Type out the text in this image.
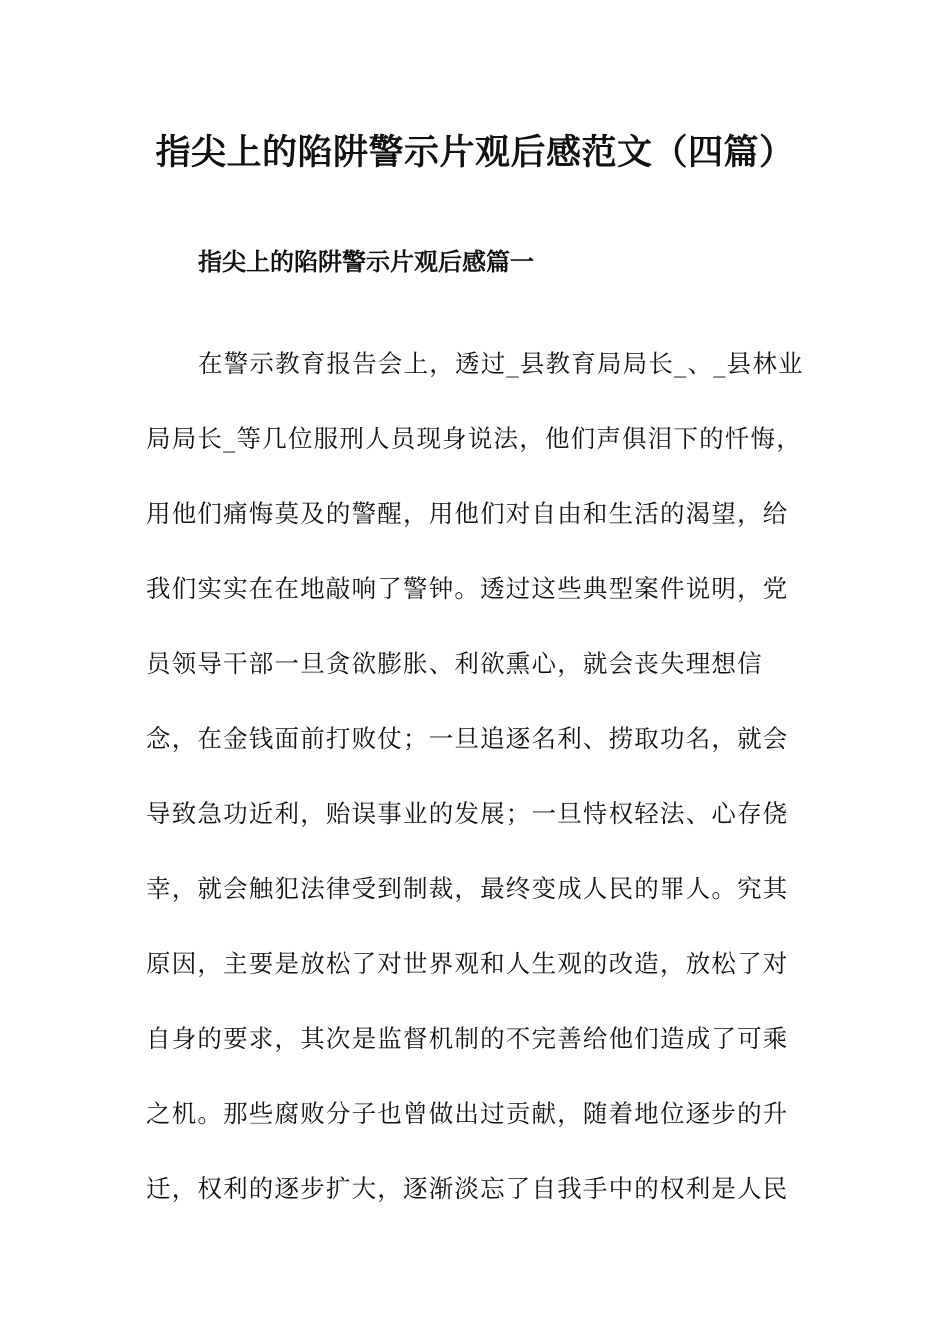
指尖上的陷阱警示片观后感范文（四篇）
指尖上的陷阱警示片观后感篇一
在警示教育报告会上，透过_县教育局局长_、_县林业
局局长_等几位服刑人员现身说法，他们声俱泪下的忏悔，
用他们痛悔莫及的警醒，用他们对自由和生活的渴望，给
我们实实在在地敲响了警钟。透过这些典型案件说明，党
员领导干部一旦贪欲膨胀、利欲熏心，就会丧失理想信
念，在金钱面前打败仗；一旦追逐名利、捞取功名，就会
导致急功近利，贻误事业的发展；一旦恃权轻法、心存侥
幸，就会触犯法律受到制裁，最终变成人民的罪人。究其
原因，主要是放松了对世界观和人生观的改造，放松了对
自身的要求，其次是监督机制的不完善给他们造成了可乘
之机。那些腐败分子也曾做出过贡献，随着地位逐步的升
迁，权利的逐步扩大，逐渐淡忘了自我手中的权利是人民
